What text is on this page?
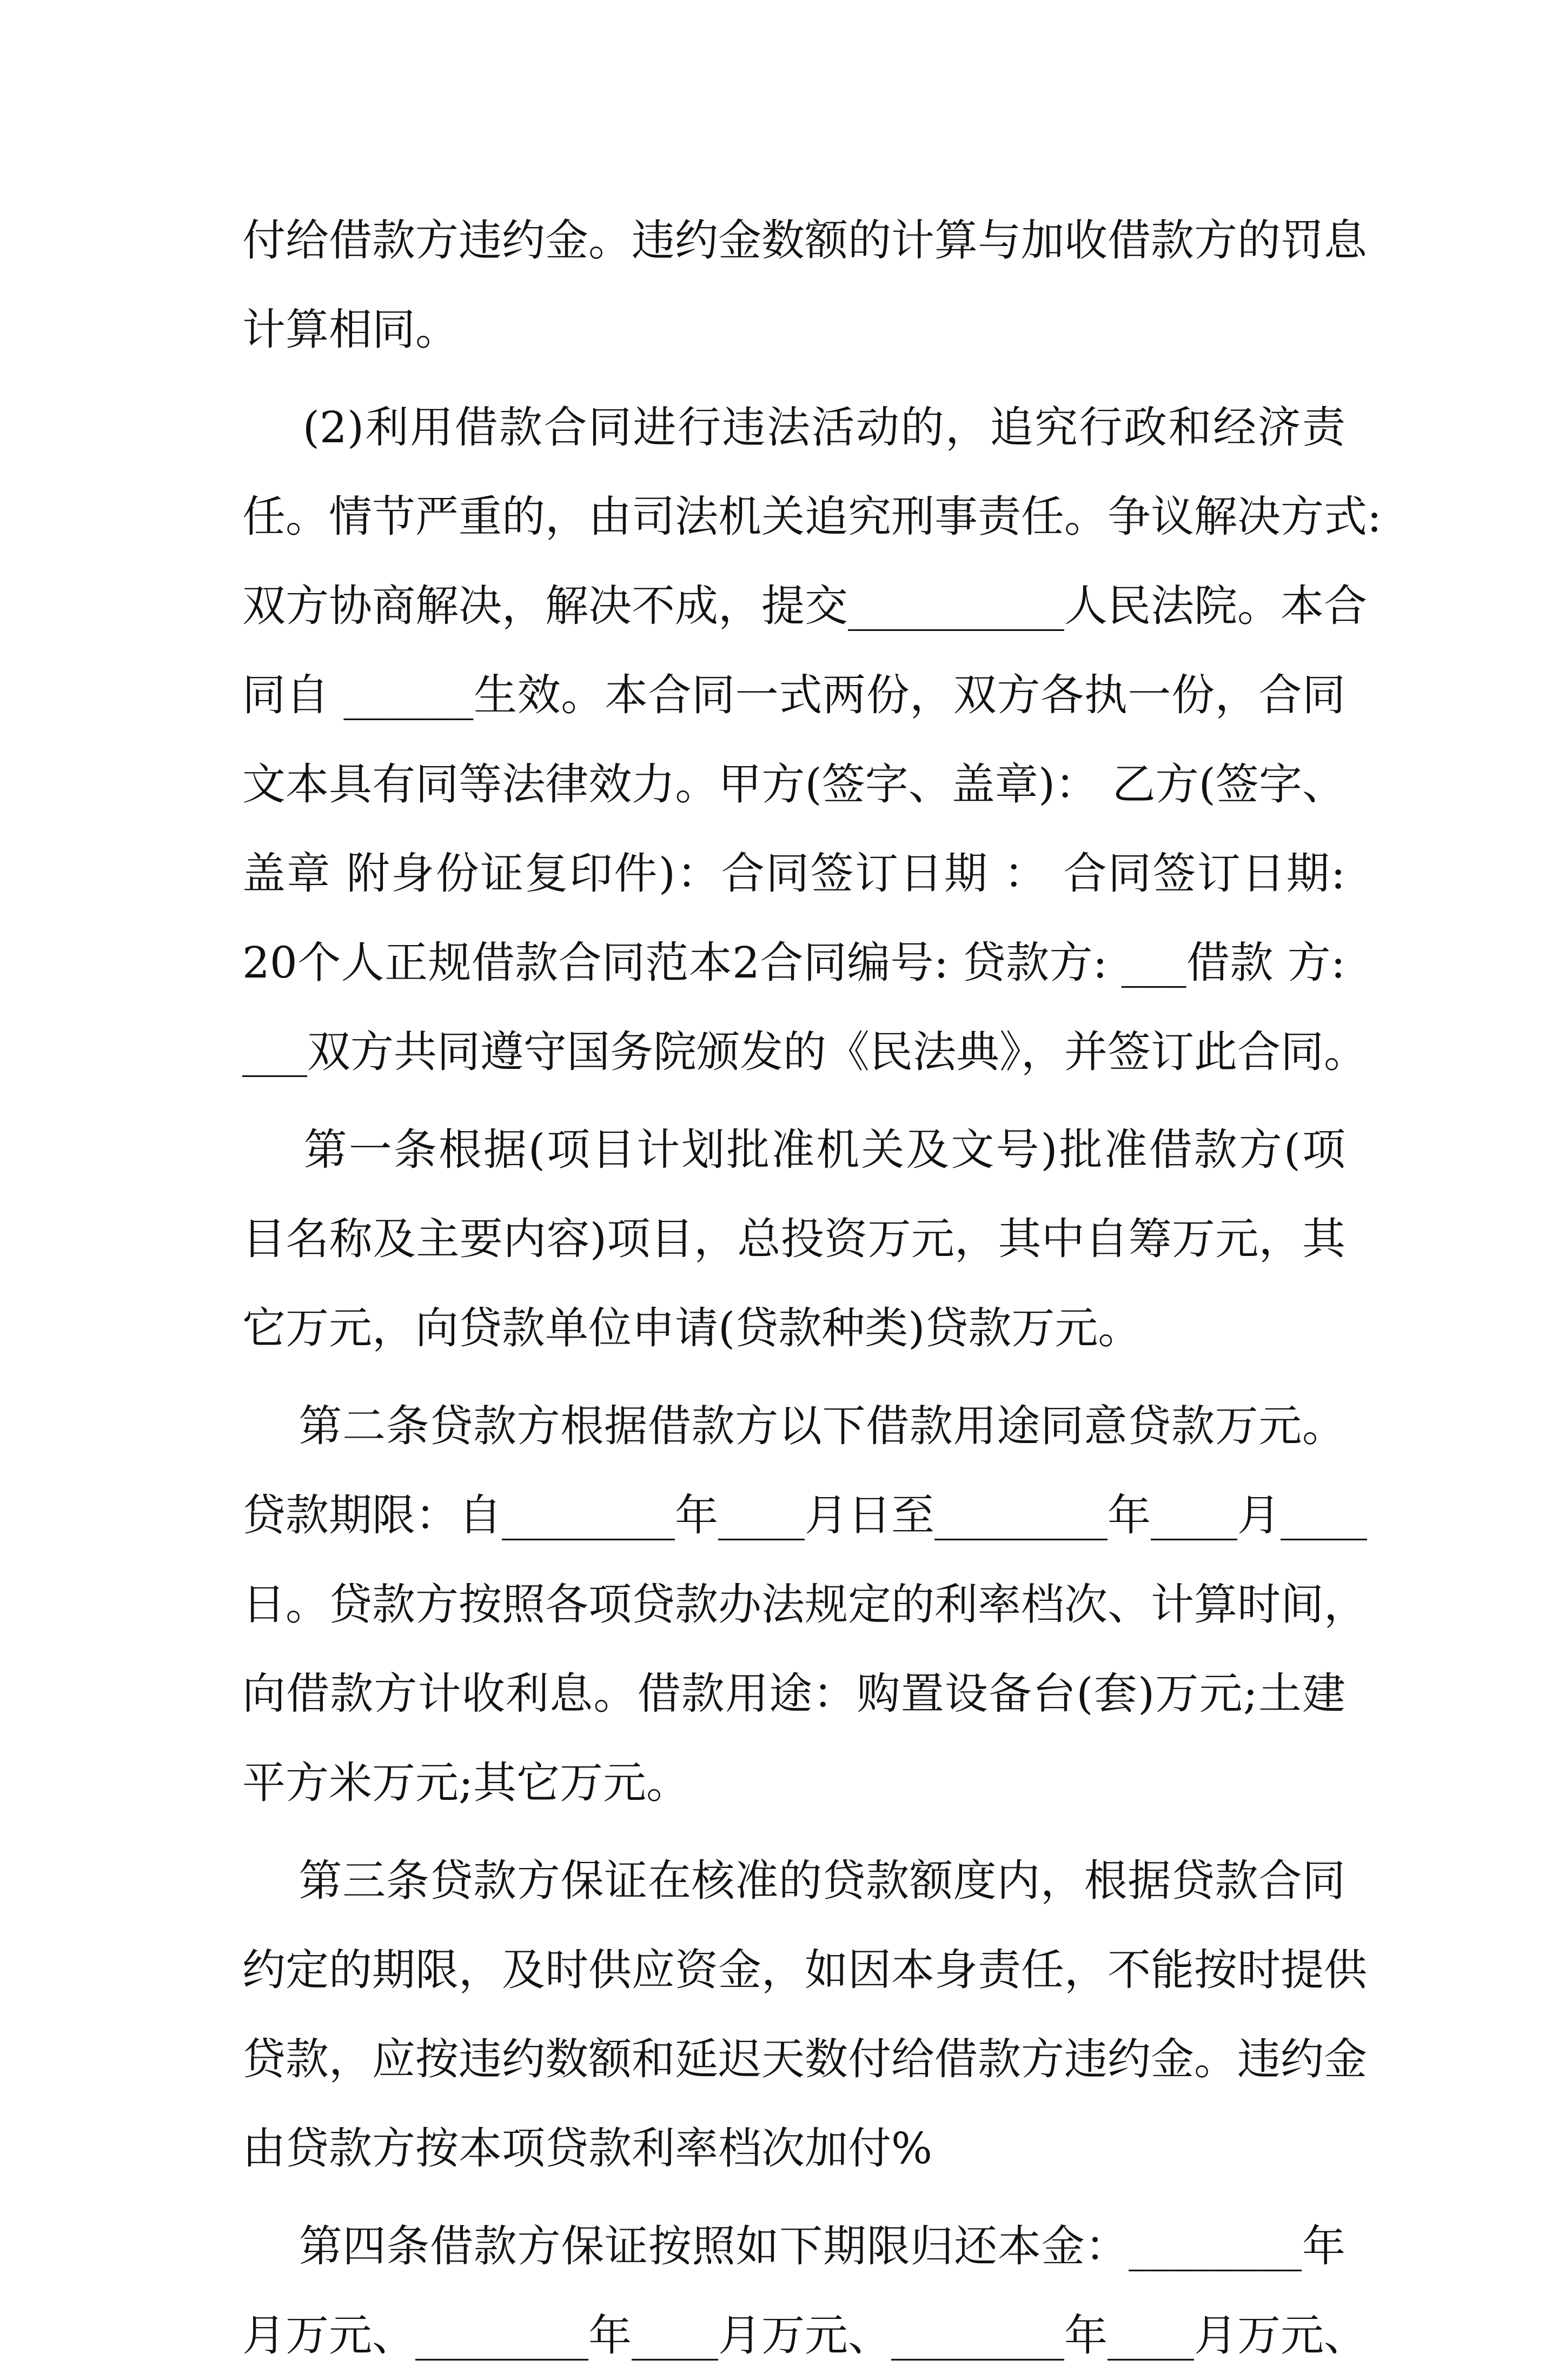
付给借款方违约金。违约金数额的计算与加收借款方的罚息
计算相同。
(2)利用借款合同进行违法活动的，追究行政和经济责
任。情节严重的，由司法机关追究刑事责任。争议解决方式:
双方协商解决，解决不成，提交__________人民法院。本合
同自 ______生效。本合同一式两份，双方各执一份，合同
文本具有同等法律效力。甲方(签字、盖章)： 乙方(签字、
盖章 附身份证复印件)：合同签订日期 ： 合同签订日期:
20个人正规借款合同范本2合同编号: 贷款方: ___借款 方:
___双方共同遵守国务院颁发的《民法典》，并签订此合同。
第一条根据(项目计划批准机关及文号)批准借款方(项
目名称及主要内容)项目，总投资万元，其中自筹万元，其
它万元，向贷款单位申请(贷款种类)贷款万元。
第二条贷款方根据借款方以下借款用途同意贷款万元。
贷款期限：自________年____月日至________年____月____
日。贷款方按照各项贷款办法规定的利率档次、计算时间，
向借款方计收利息。借款用途：购置设备台(套)万元;土建
平方米万元;其它万元。
第三条贷款方保证在核准的贷款额度内，根据贷款合同
约定的期限，及时供应资金，如因本身责任，不能按时提供
贷款，应按违约数额和延迟天数付给借款方违约金。违约金
由贷款方按本项贷款利率档次加付%
第四条借款方保证按照如下期限归还本金：________年
月万元、________年____月万元、________年____月万元、
